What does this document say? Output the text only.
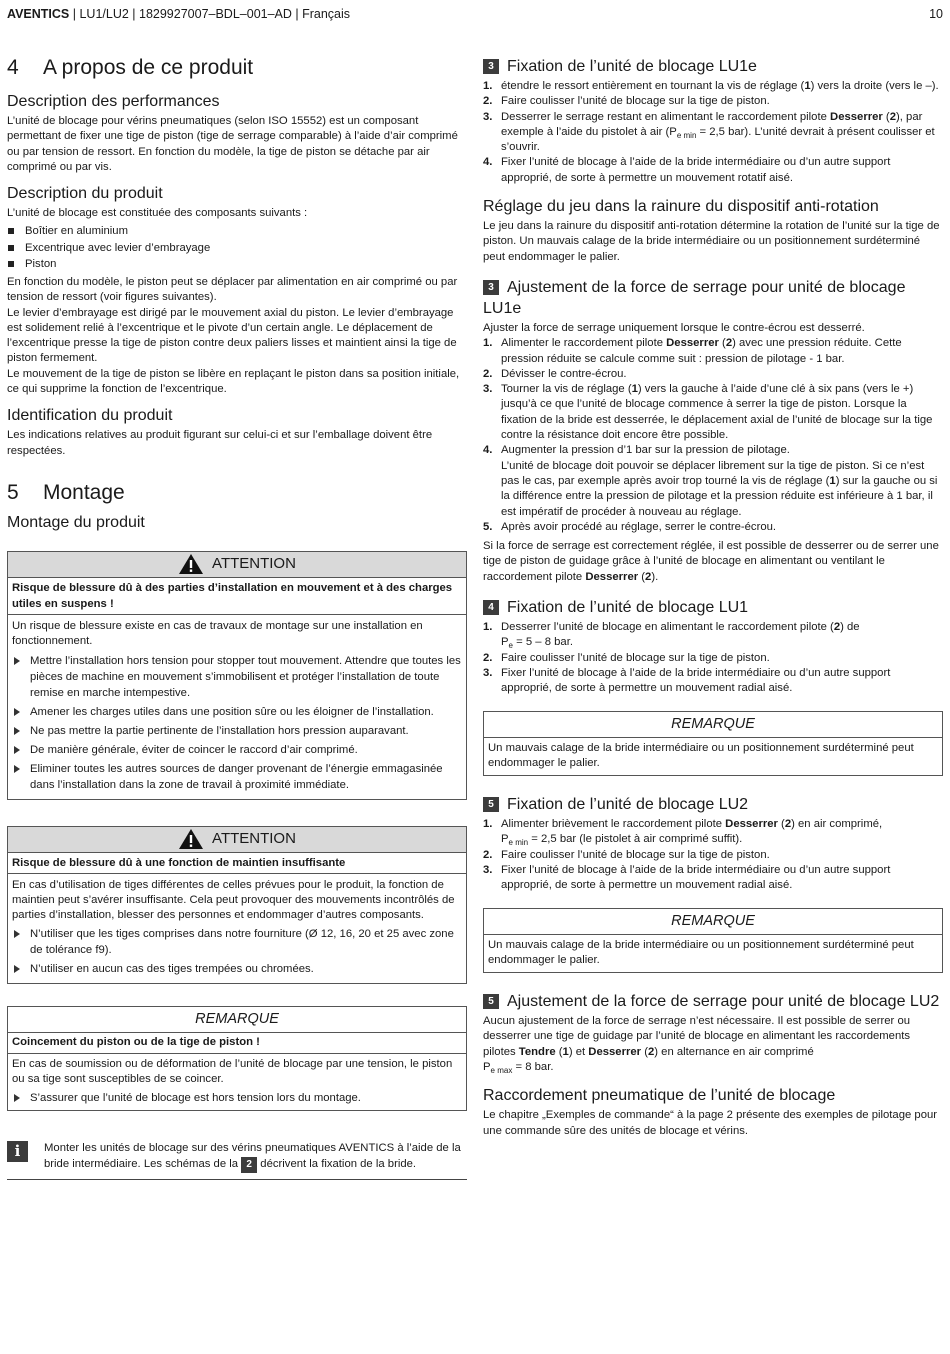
AVENTICS | LU1/LU2 | 1829927007–BDL–001–AD | Français	10
4 A propos de ce produit
Description des performances

L’unité de blocage pour vérins pneumatiques (selon ISO 15552) est un composant permettant de fixer une tige de piston (tige de serrage comparable) à l’aide d’air comprimé ou par tension de ressort. En fonction du modèle, la tige de piston se détache par air comprimé ou par vis.

Description du produit

L’unité de blocage est constituée des composants suivants :

Boîtier en aluminium
Excentrique avec levier d’embrayage
Piston

En fonction du modèle, le piston peut se déplacer par alimentation en air comprimé ou par tension de ressort (voir figures suivantes).
Le levier d’embrayage est dirigé par le mouvement axial du piston. Le levier d’embrayage est solidement relié à l’excentrique et le pivote d’un certain angle. Le déplacement de l’excentrique presse la tige de piston contre deux paliers lisses et maintient ainsi la tige de piston fermement.
Le mouvement de la tige de piston se libère en replaçant le piston dans sa position initiale, ce qui supprime la fonction de l’excentrique.

Identification du produit

Les indications relatives au produit figurant sur celui-ci et sur l’emballage doivent être respectées.

5 Montage
Montage du produit
ATTENTION
Risque de blessure dû à des parties d’installation en mouvement et à des charges utiles en suspens !

Un risque de blessure existe en cas de travaux de montage sur une installation en fonctionnement.

Mettre l’installation hors tension pour stopper tout mouvement. Attendre que toutes les pièces de machine en mouvement s’immobilisent et protéger l’installation de toute remise en marche intempestive.
Amener les charges utiles dans une position sûre ou les éloigner de l’installation.
Ne pas mettre la partie pertinente de l’installation hors pression auparavant.
De manière générale, éviter de coincer le raccord d’air comprimé.
Eliminer toutes les autres sources de danger provenant de l’énergie emmagasinée dans l’installation dans la zone de travail à proximité immédiate.
ATTENTION
Risque de blessure dû à une fonction de maintien insuffisante

En cas d’utilisation de tiges différentes de celles prévues pour le produit, la fonction de maintien peut s’avérer insuffisante. Cela peut provoquer des mouvements incontrôlés de parties d’installation, blesser des personnes et endommager d’autres composants.

N’utiliser que les tiges comprises dans notre fourniture (Ø 12, 16, 20 et 25 avec zone de tolérance f9).
N’utiliser en aucun cas des tiges trempées ou chromées.
REMARQUE
Coincement du piston ou de la tige de piston !

En cas de soumission ou de déformation de l’unité de blocage par une tension, le piston ou sa tige sont susceptibles de se coincer.

S’assurer que l’unité de blocage est hors tension lors du montage.
i	Monter les unités de blocage sur des vérins pneumatiques AVENTICS à l’aide de la bride intermédiaire. Les schémas de la 2 décrivent la fixation de la bride.

3 Fixation de l’unité de blocage LU1e
1. étendre le ressort entièrement en tournant la vis de réglage (1) vers la droite (vers le –).
2. Faire coulisser l’unité de blocage sur la tige de piston.
3. Desserrer le serrage restant en alimentant le raccordement pilote Desserrer (2), par exemple à l’aide du pistolet à air ($P_{e min} = 2,5$ bar). L’unité devrait à présent coulisser et s’ouvrir.
4. Fixer l’unité de blocage à l’aide de la bride intermédiaire ou d’un autre support approprié, de sorte à permettre un mouvement rotatif aisé.
Réglage du jeu dans la rainure du dispositif anti-rotation

Le jeu dans la rainure du dispositif anti-rotation détermine la rotation de l’unité sur la tige de piston. Un mauvais calage de la bride intermédiaire ou un positionnement surdéterminé peut endommager le palier.

3 Ajustement de la force de serrage pour unité de blocage LU1e

Ajuster la force de serrage uniquement lorsque le contre-écrou est desserré.

1. Alimenter le raccordement pilote Desserrer (2) avec une pression réduite. Cette pression réduite se calcule comme suit : pression de pilotage - 1 bar.
2. Dévisser le contre-écrou.
3. Tourner la vis de réglage (1) vers la gauche à l’aide d’une clé à six pans (vers le +) jusqu’à ce que l’unité de blocage commence à serrer la tige de piston. Lorsque la fixation de la bride est desserrée, le déplacement axial de l’unité de blocage sur la tige contre la résistance doit encore être possible.
4. Augmenter la pression d’1 bar sur la pression de pilotage.
L’unité de blocage doit pouvoir se déplacer librement sur la tige de piston. Si ce n’est pas le cas, par exemple après avoir trop tourné la vis de réglage (1) sur la gauche ou si la différence entre la pression de pilotage et la pression réduite est inférieure à 1 bar, il est impératif de procéder à nouveau au réglage.
5. Après avoir procédé au réglage, serrer le contre-écrou.

Si la force de serrage est correctement réglée, il est possible de desserrer ou de serrer une tige de piston de guidage grâce à l’unité de blocage en alimentant ou ventilant le raccordement pilote Desserrer (2).

4 Fixation de l’unité de blocage LU1
1. Desserrer l’unité de blocage en alimentant le raccordement pilote (2) de
$P_e = 5 - 8$ bar.
2. Faire coulisser l’unité de blocage sur la tige de piston.
3. Fixer l’unité de blocage à l’aide de la bride intermédiaire ou d’un autre support approprié, de sorte à permettre un mouvement radial aisé.
REMARQUE
Un mauvais calage de la bride intermédiaire ou un positionnement surdéterminé peut endommager le palier.
5 Fixation de l’unité de blocage LU2
1. Alimenter brièvement le raccordement pilote Desserrer (2) en air comprimé,
$P_{e min} = 2,5$ bar (le pistolet à air comprimé suffit).
2. Faire coulisser l’unité de blocage sur la tige de piston.
3. Fixer l’unité de blocage à l’aide de la bride intermédiaire ou d’un autre support approprié, de sorte à permettre un mouvement radial aisé.
REMARQUE
Un mauvais calage de la bride intermédiaire ou un positionnement surdéterminé peut endommager le palier.
5 Ajustement de la force de serrage pour unité de blocage LU2

Aucun ajustement de la force de serrage n’est nécessaire. Il est possible de serrer ou desserrer une tige de guidage par l’unité de blocage en alimentant les raccordements pilotes Tendre (1) et Desserrer (2) en alternance en air comprimé
$P_{e max} = 8$ bar.

Raccordement pneumatique de l’unité de blocage

Le chapitre „Exemples de commande“ à la page 2 présente des exemples de pilotage pour une commande sûre des unités de blocage et vérins.
